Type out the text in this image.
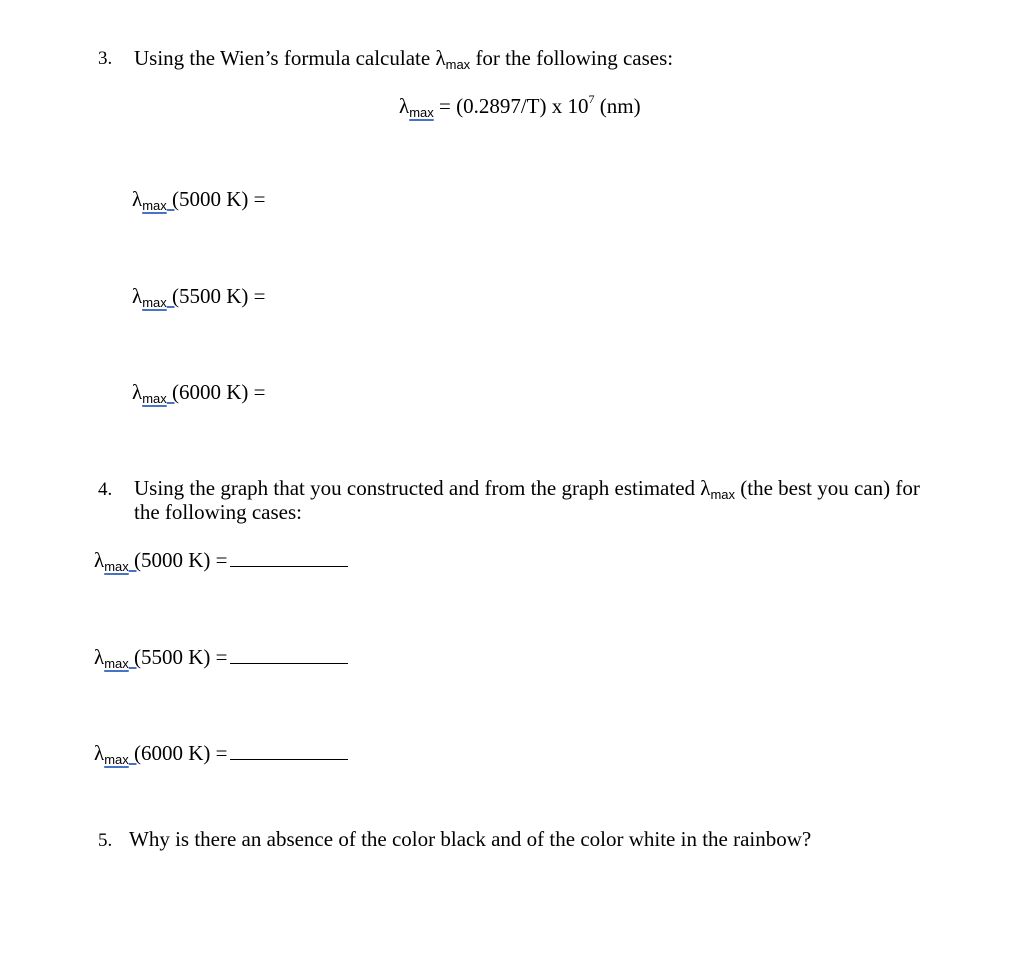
3. Using the Wien’s formula calculate λmax for the following cases:
λmax = (0.2897/T) x $10^7$ (nm)
λmax (5000 K) =
λmax (5500 K) =
λmax (6000 K) =
4. Using the graph that you constructed and from the graph estimated λmax (the best you can) for
the following cases:
λmax (5000 K) =
λmax (5500 K) =
λmax (6000 K) =
5. Why is there an absence of the color black and of the color white in the rainbow?
